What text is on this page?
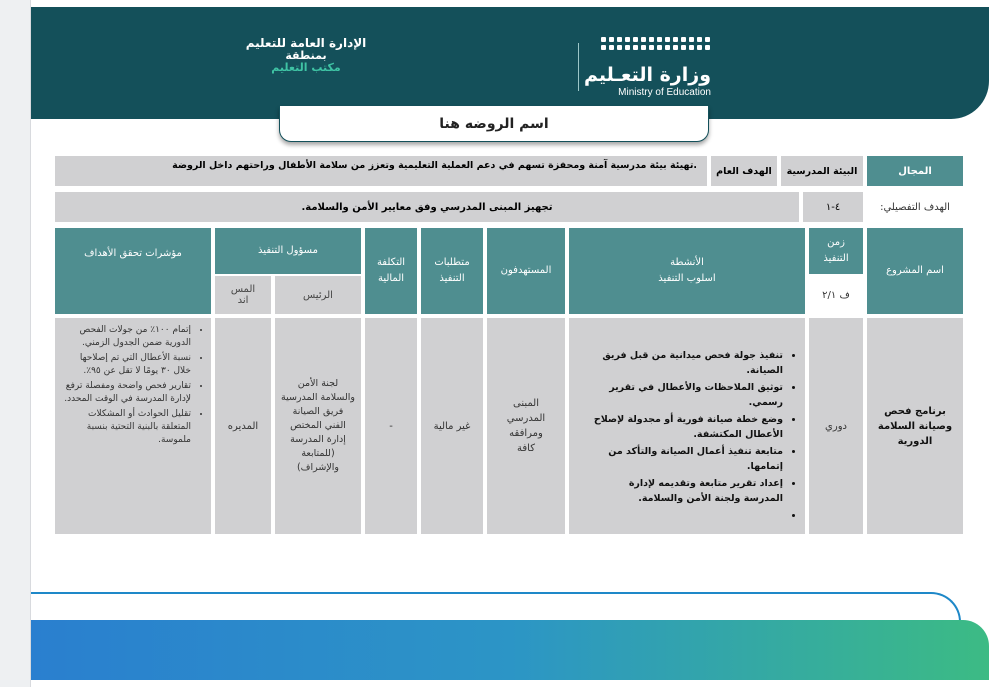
وزارة التعـليم
Ministry of Education
الإدارة العامة للتعليم
بمنطقة
مكتب التعليم
اسم الروضه هنا
المجال
البيئة المدرسية
الهدف العام
.تهيئة بيئة مدرسية آمنة ومحفزة تسهم في دعم العملية التعليمية وتعزز من سلامة الأطفال وراحتهم داخل الروضة
الهدف التفصيلي:
٤-١
تجهيز المبنى المدرسي وفق معايير الأمن والسلامة.
اسم المشروع
زمن التنفيذ
ف ٢/١
الأنشطة
اسلوب التنفيذ
المستهدفون
متطلبات التنفيذ
التكلفة المالية
مسؤول التنفيذ
الرئيس
المس اند
مؤشرات تحقق الأهداف
برنامج فحص وصيانة السلامة الدورية
دوري
• تنفيذ جولة فحص ميدانية من قبل فريق الصيانة.
• توثيق الملاحظات والأعطال في تقرير رسمي.
• وضع خطة صيانة فورية أو مجدولة لإصلاح الأعطال المكتشفة.
• متابعة تنفيذ أعمال الصيانة والتأكد من إتمامها.
• إعداد تقرير متابعة وتقديمه لإدارة المدرسة ولجنة الأمن والسلامة.
•
المبنى المدرسي ومرافقه كافة
غير مالية
-
لجنة الأمن والسلامة المدرسية فريق الصيانة الفني المختص إدارة المدرسة (للمتابعة والإشراف)
المديره
• إتمام ١٠٠٪ من جولات الفحص الدورية ضمن الجدول الزمني.
• نسبة الأعطال التي تم إصلاحها خلال ٣٠ يومًا لا تقل عن ٩٥٪.
• تقارير فحص واضحة ومفصلة ترفع لإدارة المدرسة في الوقت المحدد.
• تقليل الحوادث أو المشكلات المتعلقة بالبنية التحتية بنسبة ملموسة.
